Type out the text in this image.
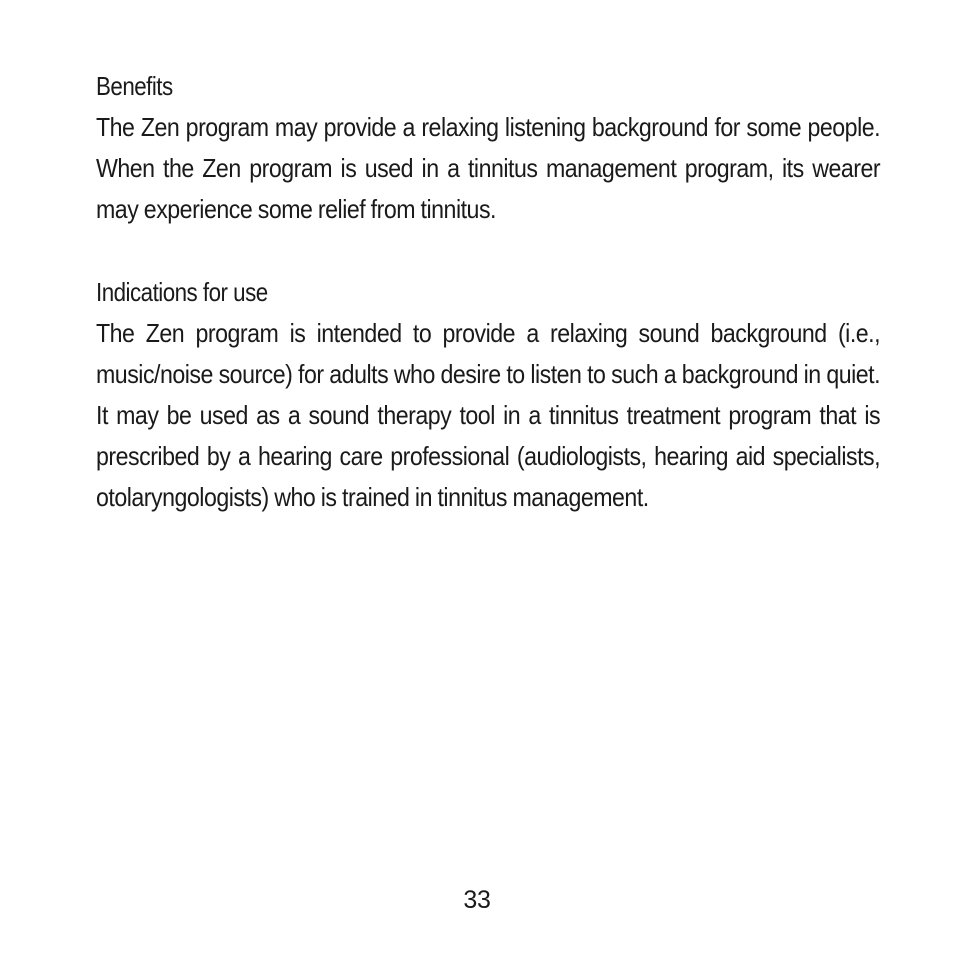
Benefits

The Zen program may provide a relaxing listening background for some people. When the Zen program is used in a tinnitus management program, its wearer may experience some relief from tinnitus.

Indications for use

The Zen program is intended to provide a relaxing sound background (i.e., music/noise source) for adults who desire to listen to such a background in quiet. It may be used as a sound therapy tool in a tinnitus treatment program that is prescribed by a hearing care professional (audiologists, hearing aid specialists, otolaryngologists) who is trained in tinnitus management.

33
